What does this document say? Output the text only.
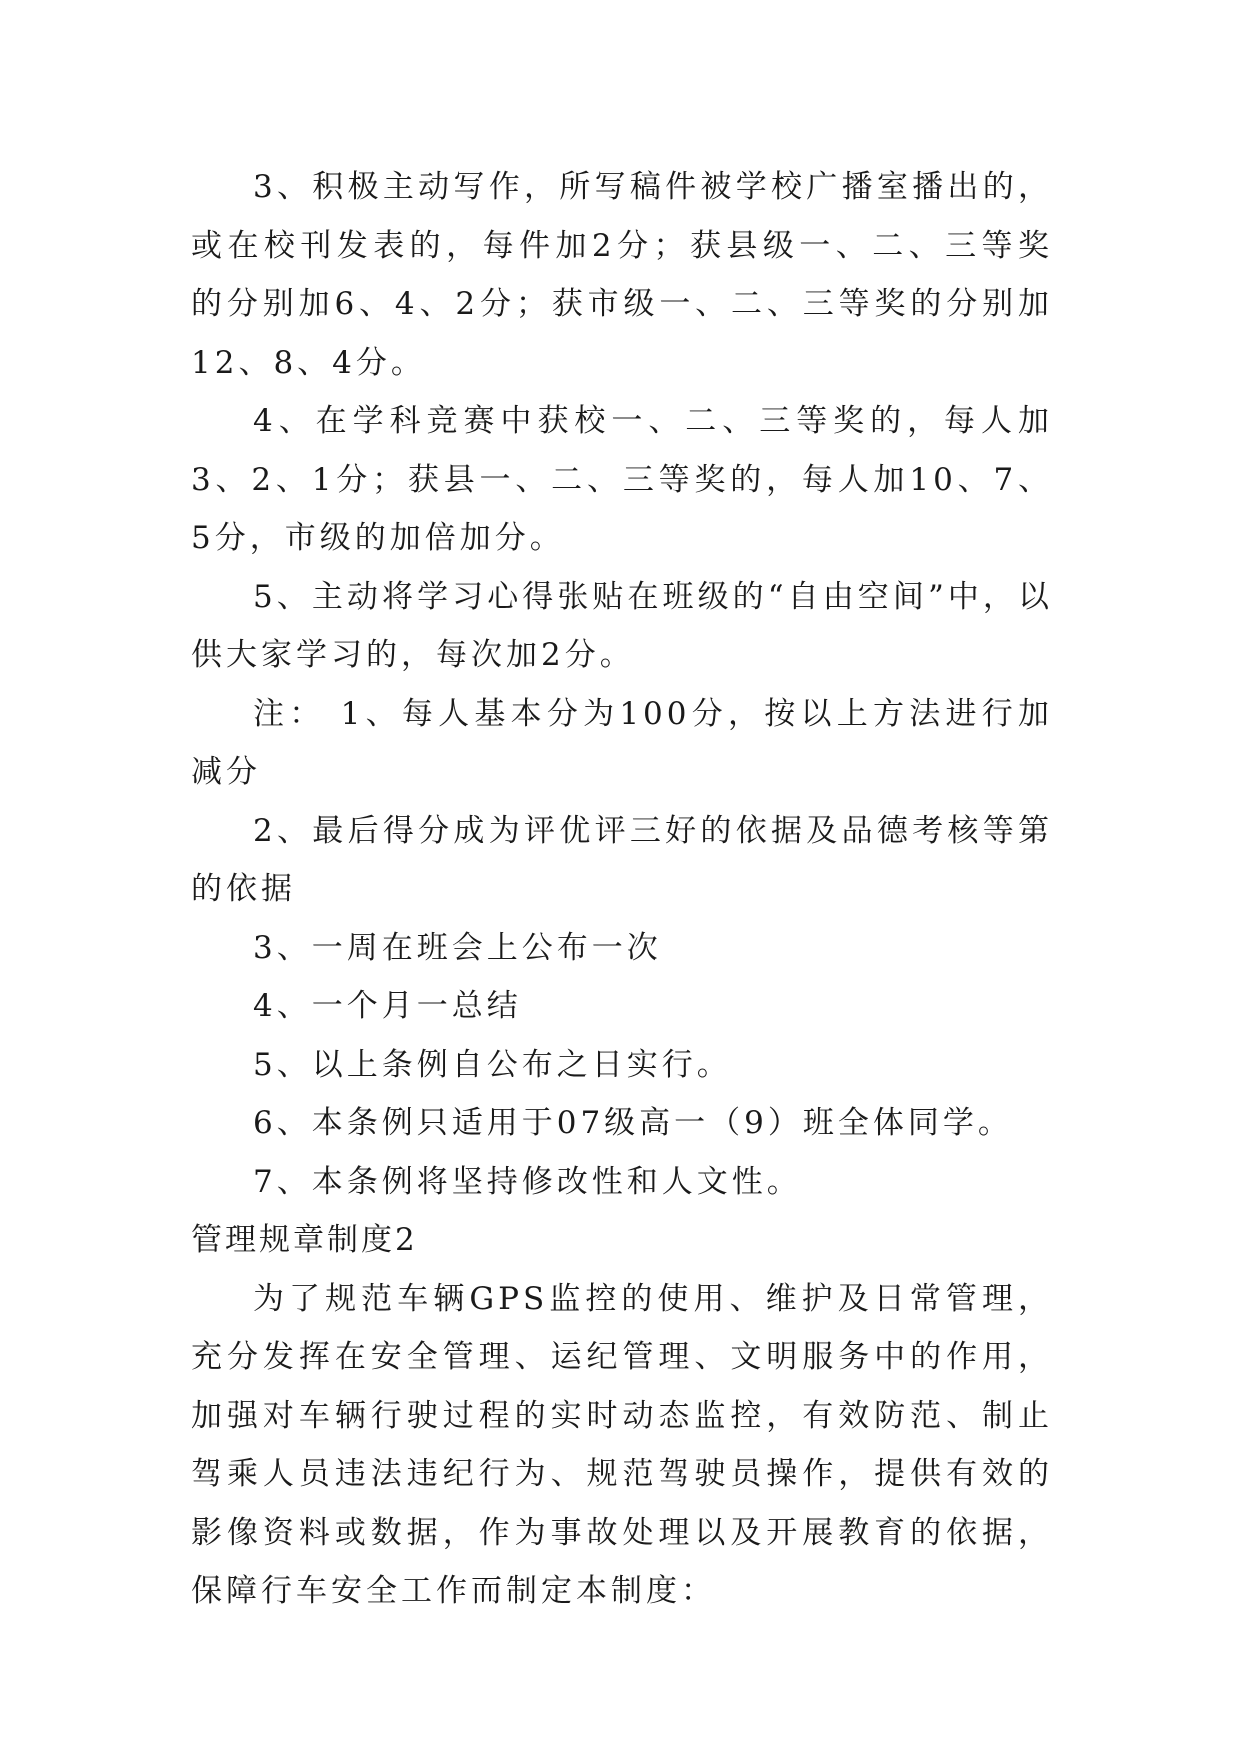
3、积极主动写作，所写稿件被学校广播室播出的，或在校刊发表的，每件加2分；获县级一、二、三等奖的分别加6、4、2分；获市级一、二、三等奖的分别加12、8、4分。

4、在学科竞赛中获校一、二、三等奖的，每人加3、2、1分；获县一、二、三等奖的，每人加10、7、5分，市级的加倍加分。

5、主动将学习心得张贴在班级的“自由空间”中，以供大家学习的，每次加2分。

注： 1、每人基本分为100分，按以上方法进行加减分

2、最后得分成为评优评三好的依据及品德考核等第的依据

3、一周在班会上公布一次

4、一个月一总结

5、以上条例自公布之日实行。

6、本条例只适用于07级高一（9）班全体同学。

7、本条例将坚持修改性和人文性。

管理规章制度2

为了规范车辆GPS监控的使用、维护及日常管理，充分发挥在安全管理、运纪管理、文明服务中的作用，加强对车辆行驶过程的实时动态监控，有效防范、制止驾乘人员违法违纪行为、规范驾驶员操作，提供有效的影像资料或数据，作为事故处理以及开展教育的依据，保障行车安全工作而制定本制度：
